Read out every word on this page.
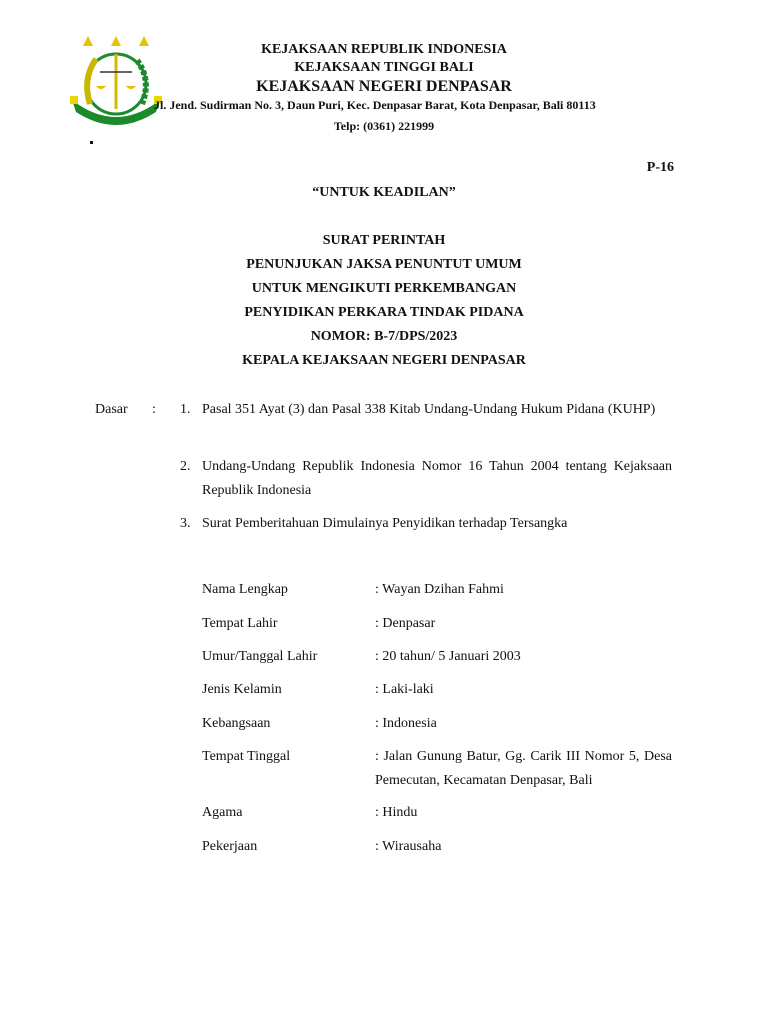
KEJAKSAAN REPUBLIK INDONESIA
KEJAKSAAN TINGGI BALI
KEJAKSAAN NEGERI DENPASAR
Jl. Jend. Sudirman No. 3, Daun Puri, Kec. Denpasar Barat, Kota Denpasar, Bali 80113
Telp: (0361) 221999
P-16
“UNTUK KEADILAN”
SURAT PERINTAH
PENUNJUKAN JAKSA PENUNTUT UMUM
UNTUK MENGIKUTI PERKEMBANGAN
PENYIDIKAN PERKARA TINDAK PIDANA
NOMOR: B-7/DPS/2023
KEPALA KEJAKSAAN NEGERI DENPASAR
Dasar : 1. Pasal 351 Ayat (3) dan Pasal 338 Kitab Undang-Undang Hukum Pidana (KUHP)
2. Undang-Undang Republik Indonesia Nomor 16 Tahun 2004 tentang Kejaksaan Republik Indonesia
3. Surat Pemberitahuan Dimulainya Penyidikan terhadap Tersangka
Nama Lengkap	: Wayan Dzihan Fahmi
Tempat Lahir	: Denpasar
Umur/Tanggal Lahir	: 20 tahun/ 5 Januari 2003
Jenis Kelamin	: Laki-laki
Kebangsaan	: Indonesia
Tempat Tinggal	: Jalan Gunung Batur, Gg. Carik III Nomor 5, Desa Pemecutan, Kecamatan Denpasar, Bali
Agama	: Hindu
Pekerjaan	: Wirausaha
